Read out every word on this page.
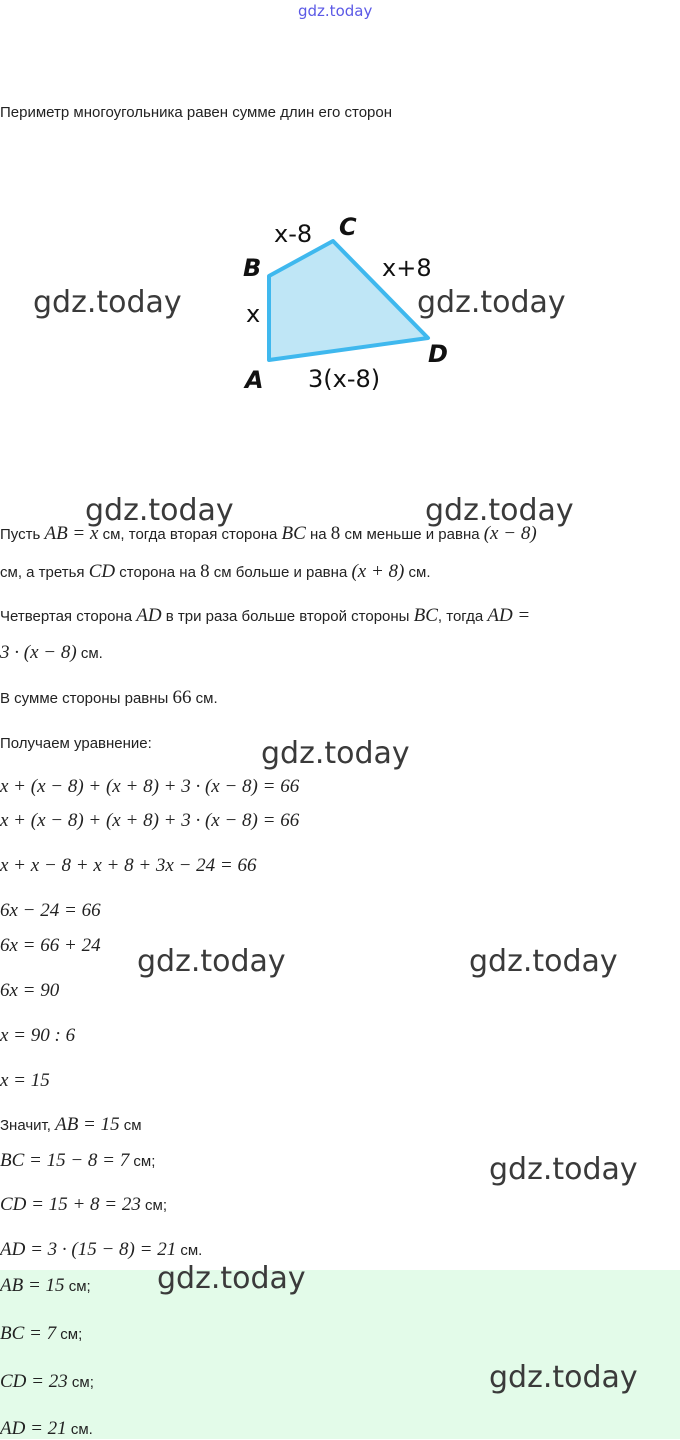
gdz.today
Периметр многоугольника равен сумме длин его сторон
B
C
D
A
x
x-8
x+8
3(x-8)
Пусть AB = x см, тогда вторая сторона BC на 8 см меньше и равна (x − 8)
см, а третья CD сторона на 8 см больше и равна (x + 8) см.
Четвертая сторона AD в три раза больше второй стороны BC, тогда AD =
3 · (x − 8) см.
В сумме стороны равны 66 см.
Получаем уравнение:
x + (x − 8) + (x + 8) + 3 · (x − 8) = 66
x + (x − 8) + (x + 8) + 3 · (x − 8) = 66
x + x − 8 + x + 8 + 3x − 24 = 66
6x − 24 = 66
6x = 66 + 24
6x = 90
x = 90 : 6
x = 15
Значит, AB = 15 см
BC = 15 − 8 = 7 см;
CD = 15 + 8 = 23 см;
AD = 3 · (15 − 8) = 21 см.
AB = 15 см;
BC = 7 см;
CD = 23 см;
AD = 21 см.
gdz.today	gdz.today
gdz.today	gdz.today
gdz.today
gdz.today	gdz.today
gdz.today
gdz.today
gdz.today
